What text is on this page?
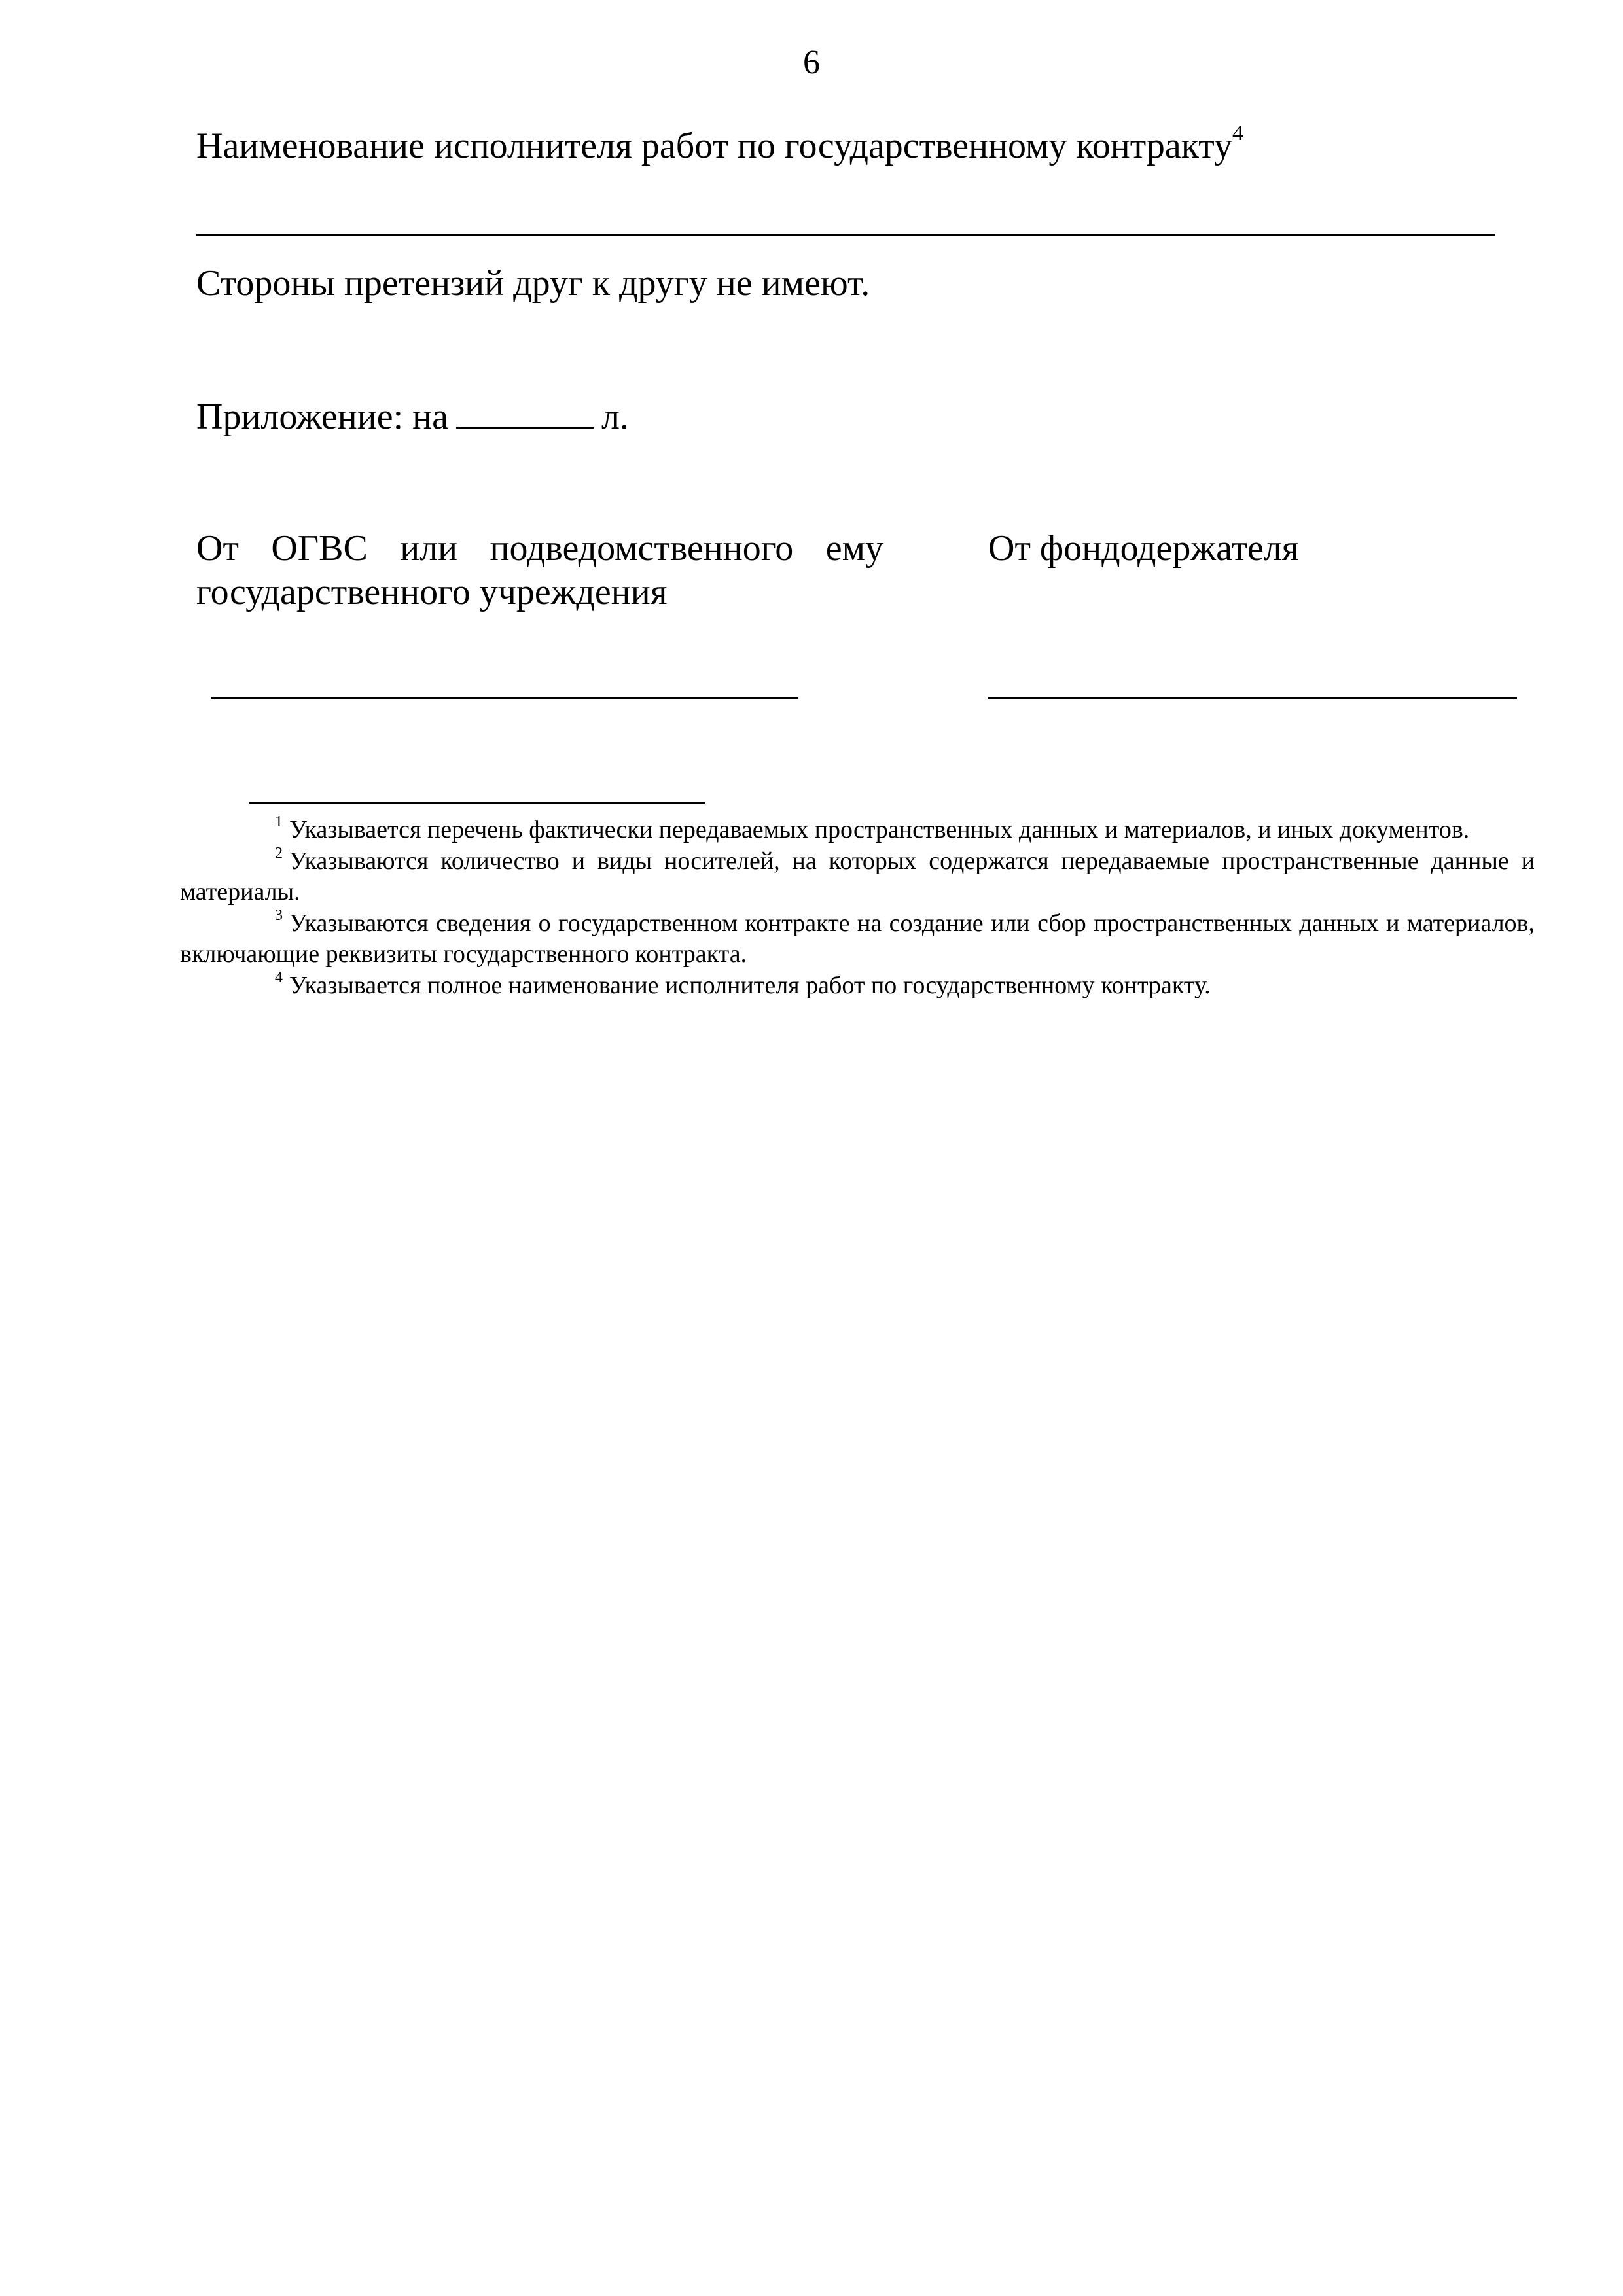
6
Наименование исполнителя работ по государственному контракту$^4$
Стороны претензий друг к другу не имеют.
Приложение: на	л.
От ОГВС или подведомственного ему государственного учреждения
От фондодержателя

$^1$ Указывается перечень фактически передаваемых пространственных данных и материалов, и иных документов.

$^2$ Указываются количество и виды носителей, на которых содержатся передаваемые пространственные данные и материалы.

$^3$ Указываются сведения о государственном контракте на создание или сбор пространственных данных и материалов, включающие реквизиты государственного контракта.

$^4$ Указывается полное наименование исполнителя работ по государственному контракту.
